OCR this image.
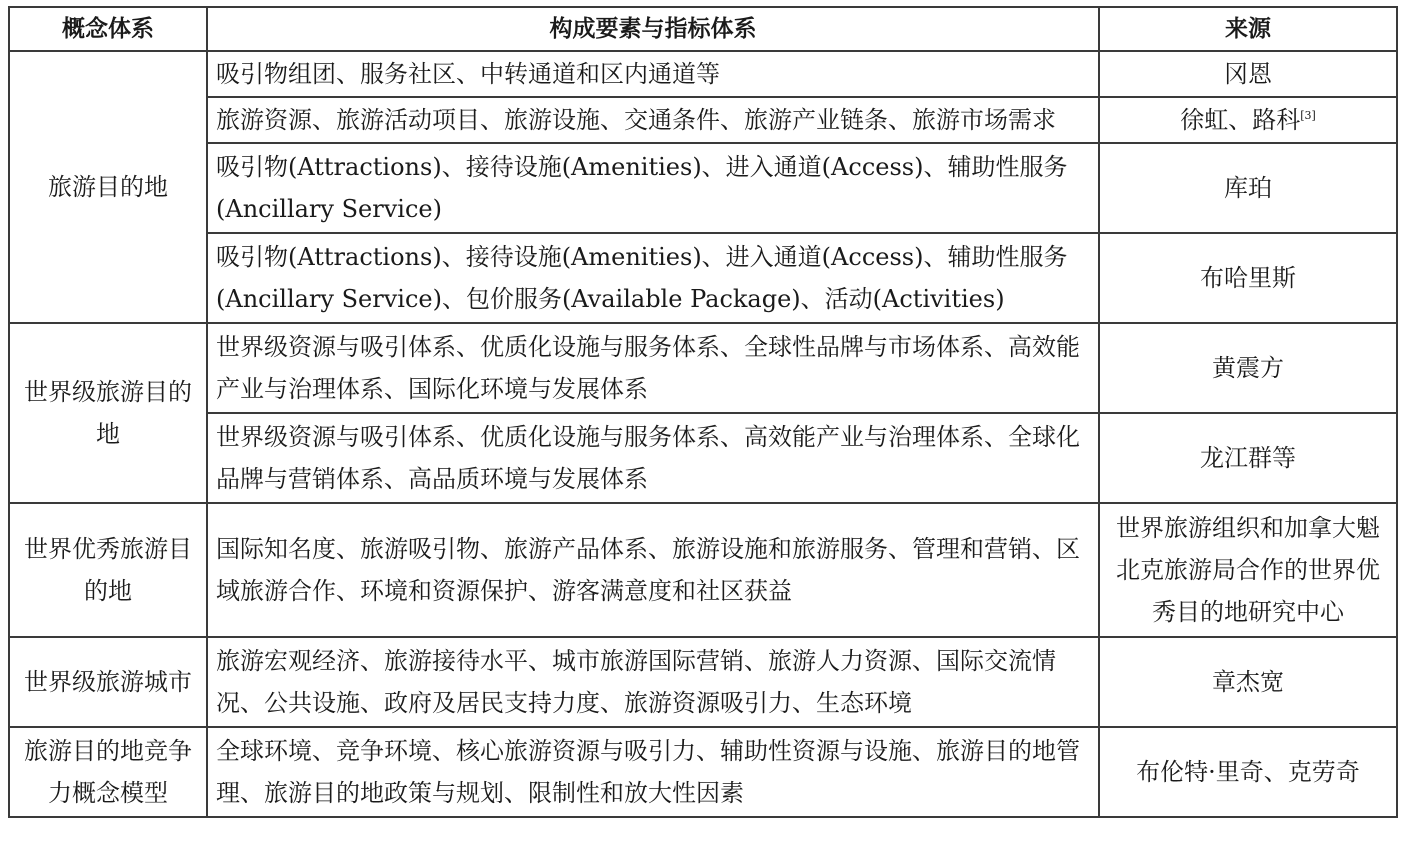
概念体系	构成要素与指标体系	来源
旅游目的地	吸引物组团、服务社区、中转通道和区内通道等	冈恩
	旅游资源、旅游活动项目、旅游设施、交通条件、旅游产业链条、旅游市场需求	徐虹、路科[3]
	吸引物(Attractions)、接待设施(Amenities)、进入通道(Access)、辅助性服务(Ancillary Service)	库珀
	吸引物(Attractions)、接待设施(Amenities)、进入通道(Access)、辅助性服务(Ancillary Service)、包价服务(Available Package)、活动(Activities)	布哈里斯
世界级旅游目的地	世界级资源与吸引体系、优质化设施与服务体系、全球性品牌与市场体系、高效能产业与治理体系、国际化环境与发展体系	黄震方
	世界级资源与吸引体系、优质化设施与服务体系、高效能产业与治理体系、全球化品牌与营销体系、高品质环境与发展体系	龙江群等
世界优秀旅游目的地	国际知名度、旅游吸引物、旅游产品体系、旅游设施和旅游服务、管理和营销、区域旅游合作、环境和资源保护、游客满意度和社区获益	世界旅游组织和加拿大魁北克旅游局合作的世界优秀目的地研究中心
世界级旅游城市	旅游宏观经济、旅游接待水平、城市旅游国际营销、旅游人力资源、国际交流情况、公共设施、政府及居民支持力度、旅游资源吸引力、生态环境	章杰宽
旅游目的地竞争力概念模型	全球环境、竞争环境、核心旅游资源与吸引力、辅助性资源与设施、旅游目的地管理、旅游目的地政策与规划、限制性和放大性因素	布伦特·里奇、克劳奇
